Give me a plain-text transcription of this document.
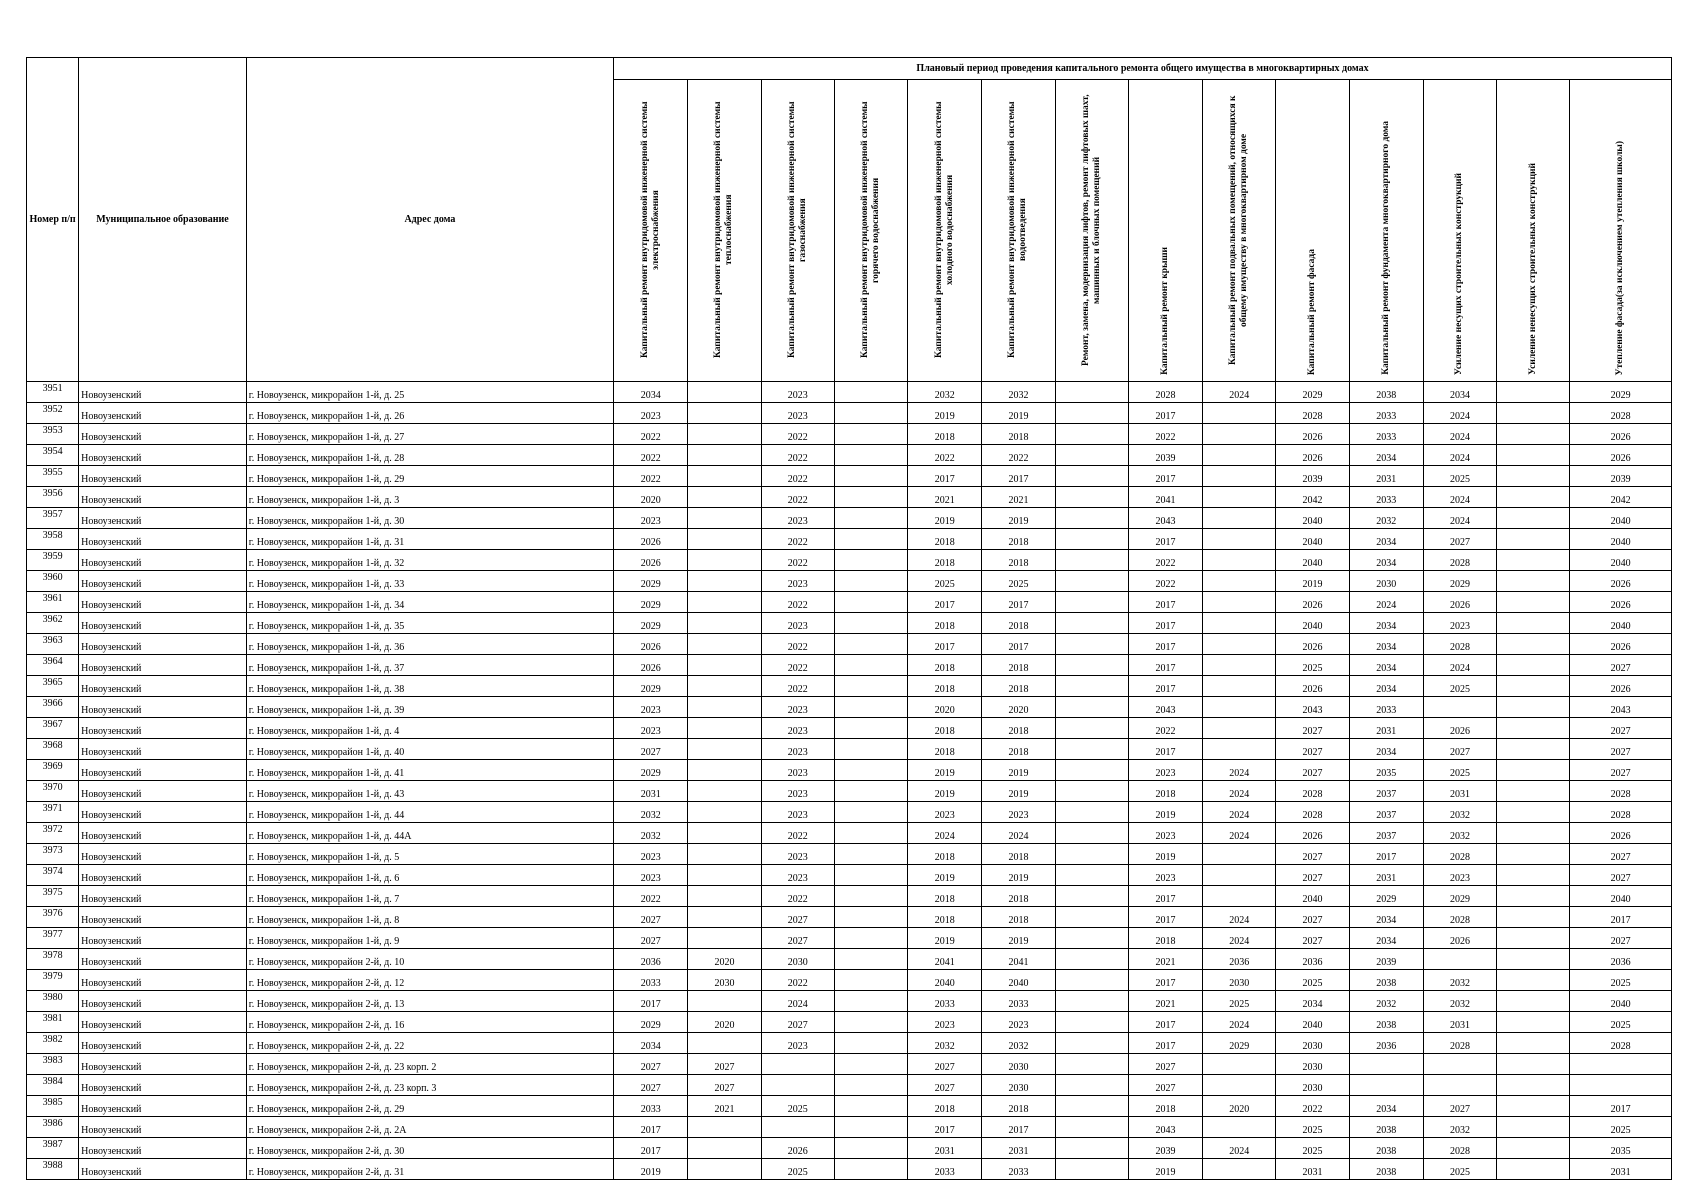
Номер п/п	Муниципальное образование	Адрес дома	Плановый период проведения капитального ремонта общего имущества в многоквартирных домах													

			Капитальный ремонт внутридомовой инженерной системы электроснабжения	Капитальный ремонт внутридомовой инженерной системы теплоснабжения	Капитальный ремонт внутридомовой инженерной системы газоснабжения	Капитальный ремонт внутридомовой инженерной системы горячего водоснабжения	Капитальный ремонт внутридомовой инженерной системы холодного водоснабжения	Капитальный ремонт внутридомовой инженерной системы водоотведения	Ремонт, замена, модернизация лифтов, ремонт лифтовых шахт, машинных и блочных помещений	Капитальный ремонт крыши	Капитальный ремонт подвальных помещений, относящихся к общему имуществу в многоквартирном доме	Капитальный ремонт фасада	Капитальный ремонт фундамента многоквартирного дома	Усиление несущих строительных конструкций	Усиление ненесущих строительных конструкций	Утепление фасада(за исключением утепления школы)

3951	Новоузенский	г. Новоузенск, микрорайон 1-й, д. 25	2034		2023		2032	2032		2028	2024	2029	2038	2034		2029
3952	Новоузенский	г. Новоузенск, микрорайон 1-й, д. 26	2023		2023		2019	2019		2017		2028	2033	2024		2028
3953	Новоузенский	г. Новоузенск, микрорайон 1-й, д. 27	2022		2022		2018	2018		2022		2026	2033	2024		2026
3954	Новоузенский	г. Новоузенск, микрорайон 1-й, д. 28	2022		2022		2022	2022		2039		2026	2034	2024		2026
3955	Новоузенский	г. Новоузенск, микрорайон 1-й, д. 29	2022		2022		2017	2017		2017		2039	2031	2025		2039
3956	Новоузенский	г. Новоузенск, микрорайон 1-й, д. 3	2020		2022		2021	2021		2041		2042	2033	2024		2042
3957	Новоузенский	г. Новоузенск, микрорайон 1-й, д. 30	2023		2023		2019	2019		2043		2040	2032	2024		2040
3958	Новоузенский	г. Новоузенск, микрорайон 1-й, д. 31	2026		2022		2018	2018		2017		2040	2034	2027		2040
3959	Новоузенский	г. Новоузенск, микрорайон 1-й, д. 32	2026		2022		2018	2018		2022		2040	2034	2028		2040
3960	Новоузенский	г. Новоузенск, микрорайон 1-й, д. 33	2029		2023		2025	2025		2022		2019	2030	2029		2026
3961	Новоузенский	г. Новоузенск, микрорайон 1-й, д. 34	2029		2022		2017	2017		2017		2026	2024	2026		2026
3962	Новоузенский	г. Новоузенск, микрорайон 1-й, д. 35	2029		2023		2018	2018		2017		2040	2034	2023		2040
3963	Новоузенский	г. Новоузенск, микрорайон 1-й, д. 36	2026		2022		2017	2017		2017		2026	2034	2028		2026
3964	Новоузенский	г. Новоузенск, микрорайон 1-й, д. 37	2026		2022		2018	2018		2017		2025	2034	2024		2027
3965	Новоузенский	г. Новоузенск, микрорайон 1-й, д. 38	2029		2022		2018	2018		2017		2026	2034	2025		2026
3966	Новоузенский	г. Новоузенск, микрорайон 1-й, д. 39	2023		2023		2020	2020		2043		2043	2033			2043
3967	Новоузенский	г. Новоузенск, микрорайон 1-й, д. 4	2023		2023		2018	2018		2022		2027	2031	2026		2027
3968	Новоузенский	г. Новоузенск, микрорайон 1-й, д. 40	2027		2023		2018	2018		2017		2027	2034	2027		2027
3969	Новоузенский	г. Новоузенск, микрорайон 1-й, д. 41	2029		2023		2019	2019		2023	2024	2027	2035	2025		2027
3970	Новоузенский	г. Новоузенск, микрорайон 1-й, д. 43	2031		2023		2019	2019		2018	2024	2028	2037	2031		2028
3971	Новоузенский	г. Новоузенск, микрорайон 1-й, д. 44	2032		2023		2023	2023		2019	2024	2028	2037	2032		2028
3972	Новоузенский	г. Новоузенск, микрорайон 1-й, д. 44А	2032		2022		2024	2024		2023	2024	2026	2037	2032		2026
3973	Новоузенский	г. Новоузенск, микрорайон 1-й, д. 5	2023		2023		2018	2018		2019		2027	2017	2028		2027
3974	Новоузенский	г. Новоузенск, микрорайон 1-й, д. 6	2023		2023		2019	2019		2023		2027	2031	2023		2027
3975	Новоузенский	г. Новоузенск, микрорайон 1-й, д. 7	2022		2022		2018	2018		2017		2040	2029	2029		2040
3976	Новоузенский	г. Новоузенск, микрорайон 1-й, д. 8	2027		2027		2018	2018		2017	2024	2027	2034	2028		2017
3977	Новоузенский	г. Новоузенск, микрорайон 1-й, д. 9	2027		2027		2019	2019		2018	2024	2027	2034	2026		2027
3978	Новоузенский	г. Новоузенск, микрорайон 2-й, д. 10	2036	2020	2030		2041	2041		2021	2036	2036	2039			2036
3979	Новоузенский	г. Новоузенск, микрорайон 2-й, д. 12	2033	2030	2022		2040	2040		2017	2030	2025	2038	2032		2025
3980	Новоузенский	г. Новоузенск, микрорайон 2-й, д. 13	2017		2024		2033	2033		2021	2025	2034	2032	2032		2040
3981	Новоузенский	г. Новоузенск, микрорайон 2-й, д. 16	2029	2020	2027		2023	2023		2017	2024	2040	2038	2031		2025
3982	Новоузенский	г. Новоузенск, микрорайон 2-й, д. 22	2034		2023		2032	2032		2017	2029	2030	2036	2028		2028
3983	Новоузенский	г. Новоузенск, микрорайон 2-й, д. 23 корп. 2	2027	2027			2027	2030		2027		2030				
3984	Новоузенский	г. Новоузенск, микрорайон 2-й, д. 23 корп. 3	2027	2027			2027	2030		2027		2030				
3985	Новоузенский	г. Новоузенск, микрорайон 2-й, д. 29	2033	2021	2025		2018	2018		2018	2020	2022	2034	2027		2017
3986	Новоузенский	г. Новоузенск, микрорайон 2-й, д. 2А	2017				2017	2017		2043		2025	2038	2032		2025
3987	Новоузенский	г. Новоузенск, микрорайон 2-й, д. 30	2017		2026		2031	2031		2039	2024	2025	2038	2028		2035
3988	Новоузенский	г. Новоузенск, микрорайон 2-й, д. 31	2019		2025		2033	2033		2019		2031	2038	2025		2031
